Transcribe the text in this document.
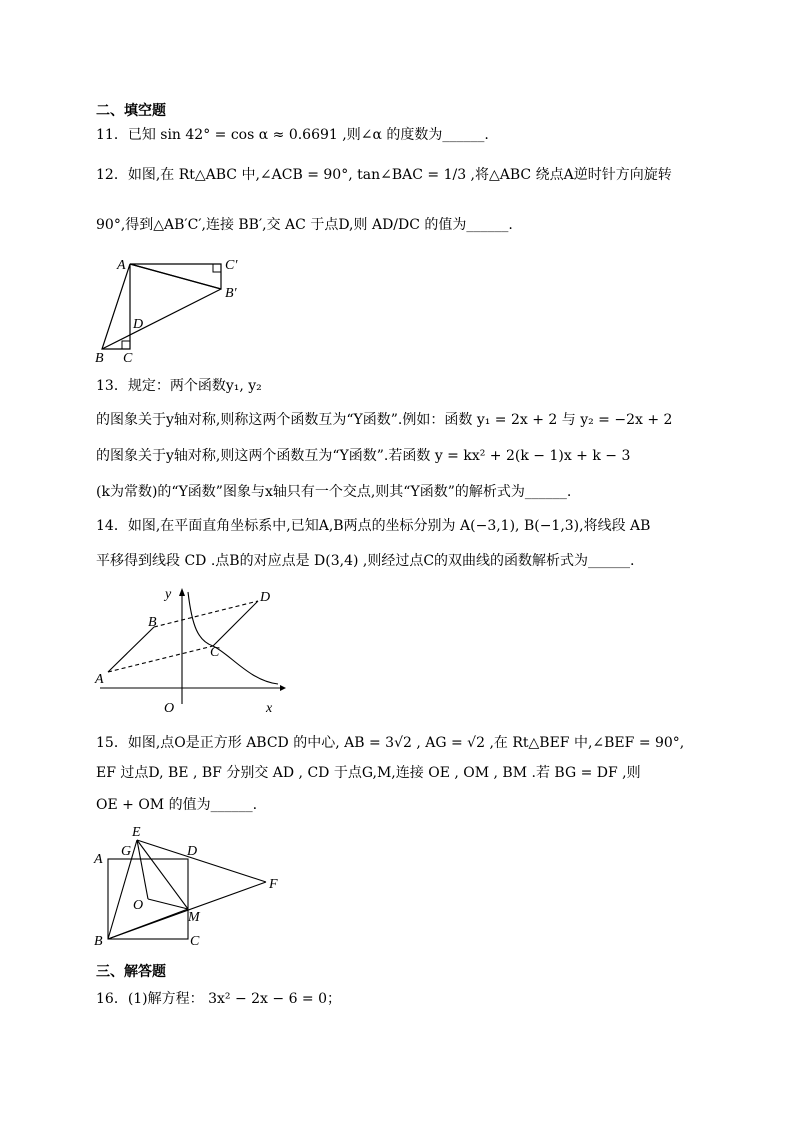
二、填空题
11．已知 sin 42° = cos α ≈ 0.6691 ,则∠α 的度数为______.
12．如图,在 Rt△ABC 中,∠ACB = 90°, tan∠BAC = 1/3 ,将△ABC 绕点A逆时针方向旋转
90°,得到△AB′C′,连接 BB′,交 AC 于点D,则 AD/DC 的值为______.
A	C′
B′
D
B C
13．规定：两个函数y₁, y₂
的图象关于y轴对称,则称这两个函数互为“Y函数”.例如：函数 y₁ = 2x + 2 与 y₂ = −2x + 2
的图象关于y轴对称,则这两个函数互为“Y函数”.若函数 y = kx² + 2(k − 1)x + k − 3
(k为常数)的“Y函数”图象与x轴只有一个交点,则其“Y函数”的解析式为______.
14．如图,在平面直角坐标系中,已知A,B两点的坐标分别为 A(−3,1), B(−1,3),将线段 AB
平移得到线段 CD .点B的对应点是 D(3,4) ,则经过点C的双曲线的函数解析式为______.
y	D
B
C
A
O	x
15．如图,点O是正方形 ABCD 的中心, AB = 3√2 , AG = √2 ,在 Rt△BEF 中,∠BEF = 90°,
EF 过点D, BE , BF 分别交 AD , CD 于点G,M,连接 OE , OM , BM .若 BG = DF ,则
OE + OM 的值为______.
E
G
A
D
F
O
M
B	C
三、解答题
16．(1)解方程： 3x² − 2x − 6 = 0；
